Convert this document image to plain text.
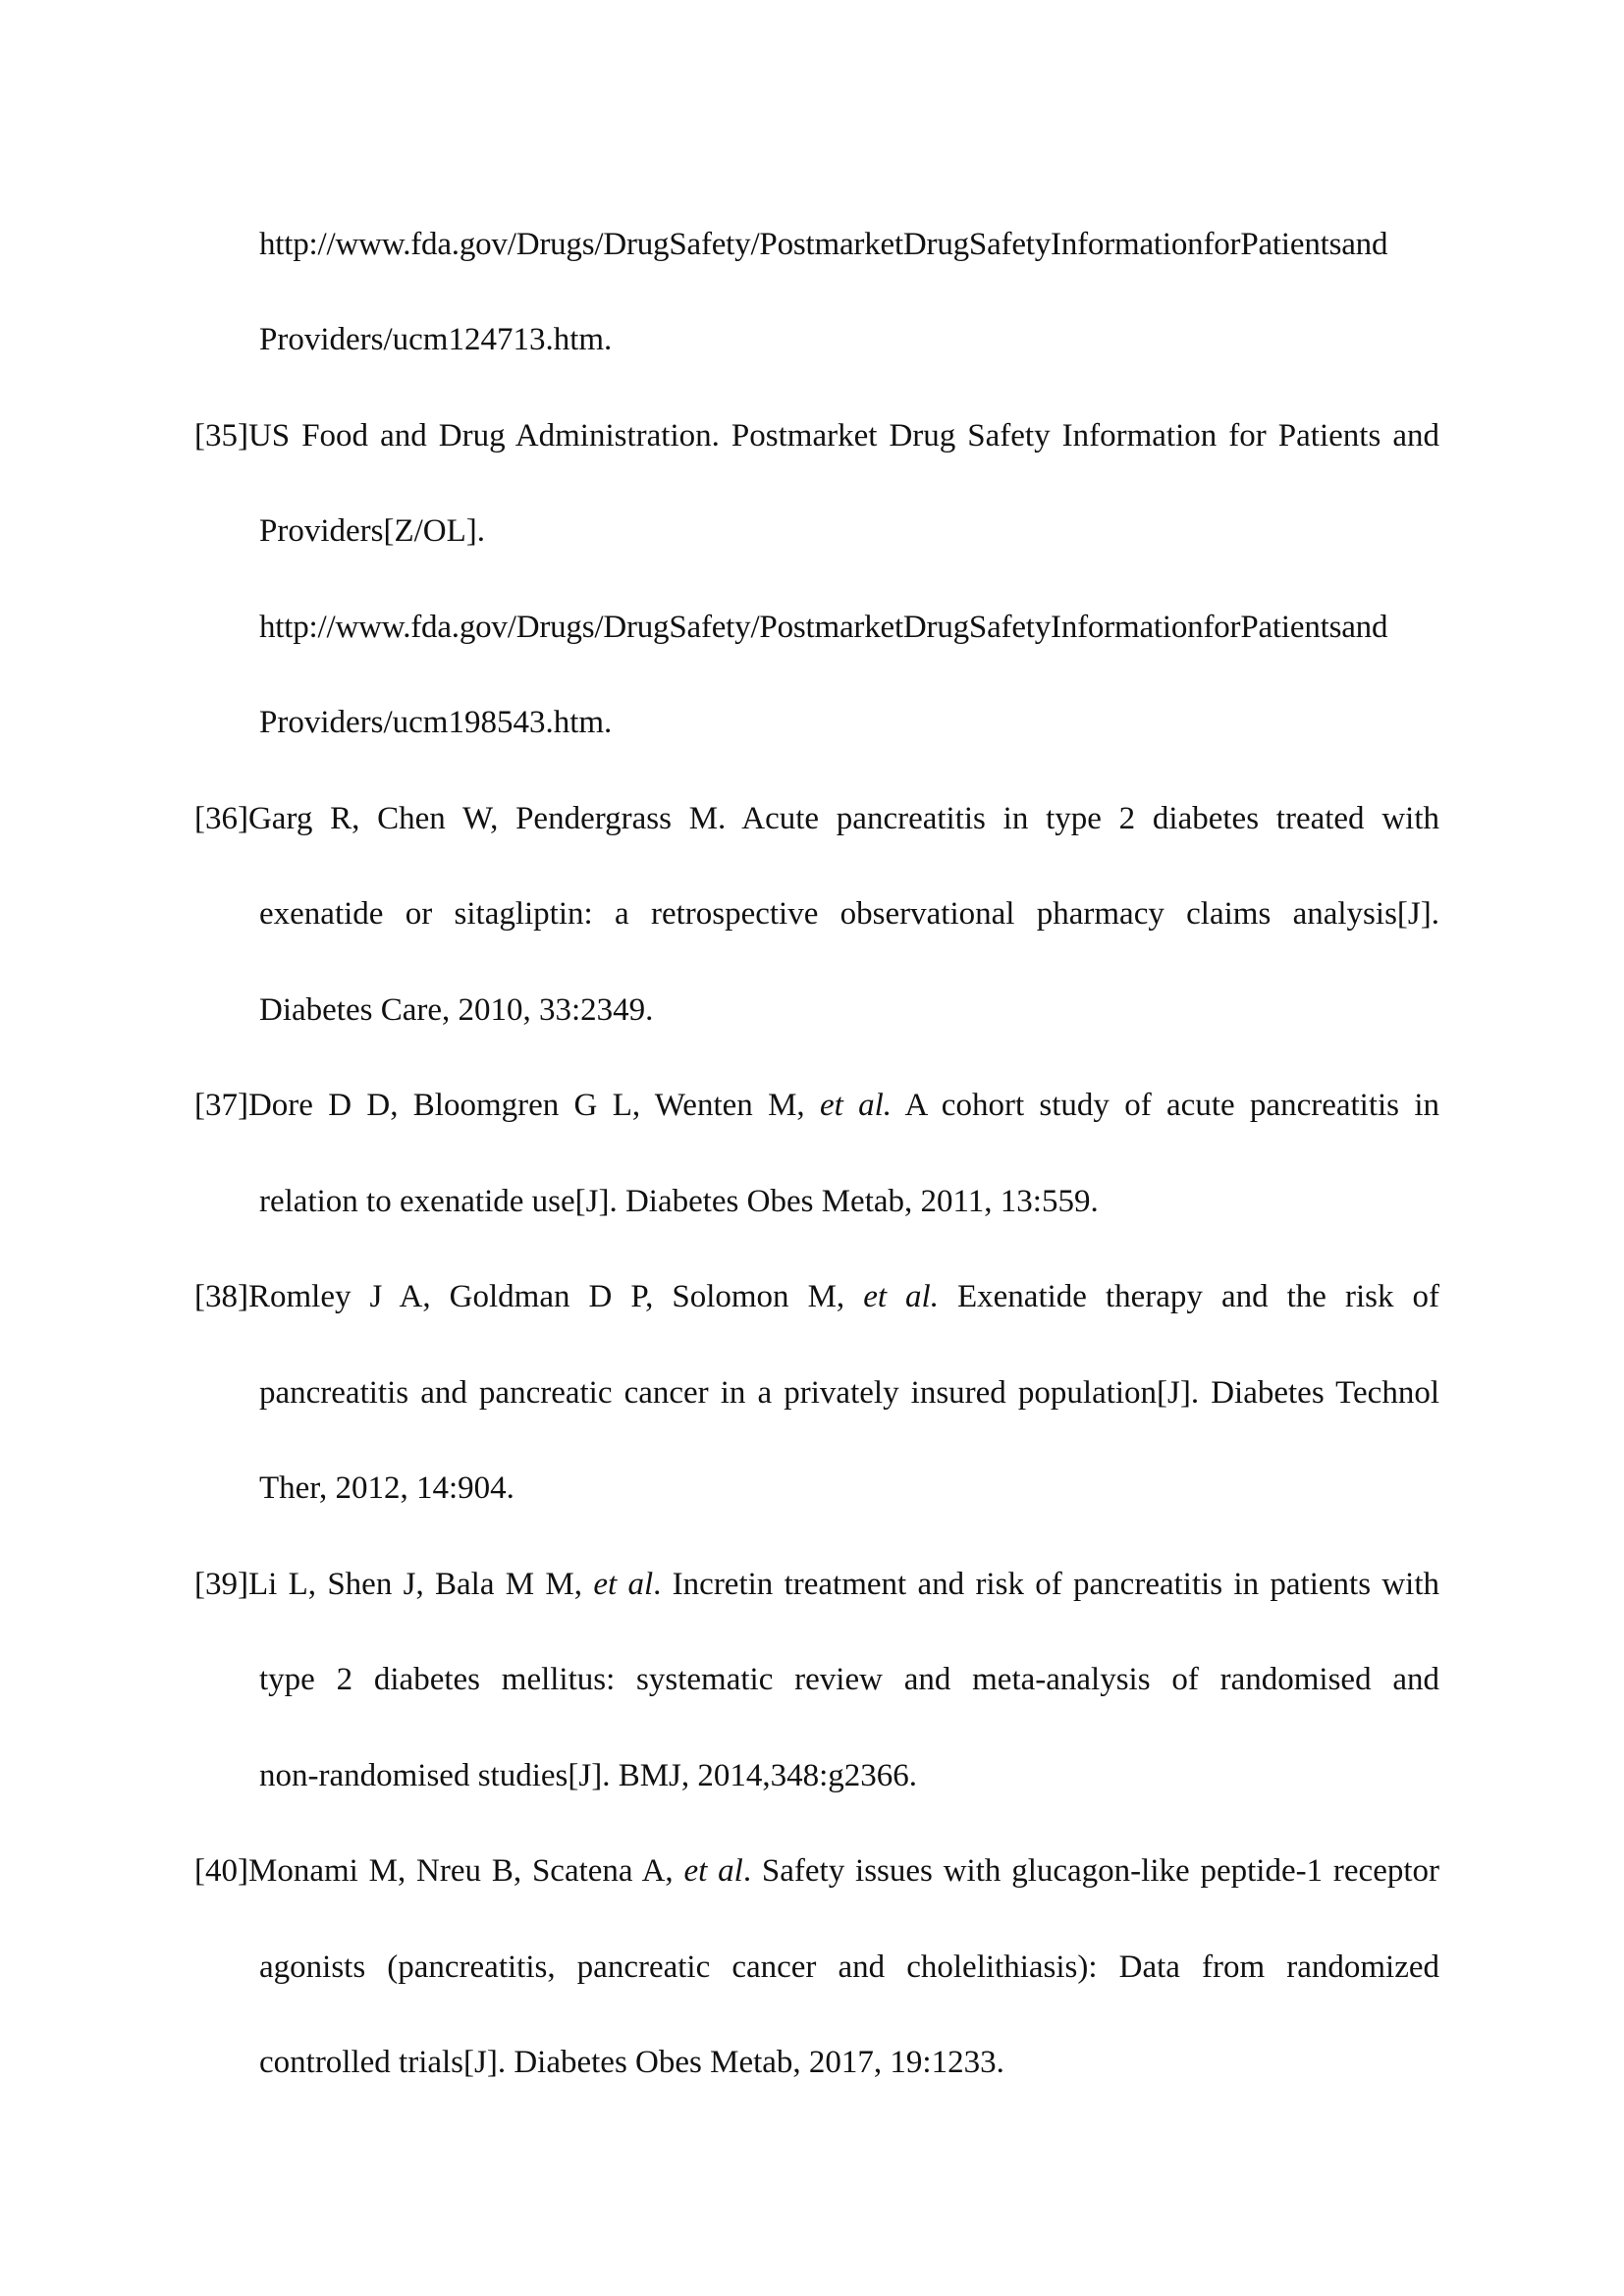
http://www.fda.gov/Drugs/DrugSafety/PostmarketDrugSafetyInformationforPatientsand
Providers/ucm124713.htm.
[35]US Food and Drug Administration. Postmarket Drug Safety Information for Patients and
Providers[Z/OL].
http://www.fda.gov/Drugs/DrugSafety/PostmarketDrugSafetyInformationforPatientsand
Providers/ucm198543.htm.
[36]Garg R, Chen W, Pendergrass M. Acute pancreatitis in type 2 diabetes treated with
exenatide or sitagliptin: a retrospective observational pharmacy claims analysis[J].
Diabetes Care, 2010, 33:2349.
[37]Dore D D, Bloomgren G L, Wenten M, et al. A cohort study of acute pancreatitis in
relation to exenatide use[J]. Diabetes Obes Metab, 2011, 13:559.
[38]Romley J A, Goldman D P, Solomon M, et al. Exenatide therapy and the risk of
pancreatitis and pancreatic cancer in a privately insured population[J]. Diabetes Technol
Ther, 2012, 14:904.
[39]Li L, Shen J, Bala M M, et al. Incretin treatment and risk of pancreatitis in patients with
type 2 diabetes mellitus: systematic review and meta-analysis of randomised and
non-randomised studies[J]. BMJ, 2014,348:g2366.
[40]Monami M, Nreu B, Scatena A, et al. Safety issues with glucagon-like peptide-1 receptor
agonists (pancreatitis, pancreatic cancer and cholelithiasis): Data from randomized
controlled trials[J]. Diabetes Obes Metab, 2017, 19:1233.
